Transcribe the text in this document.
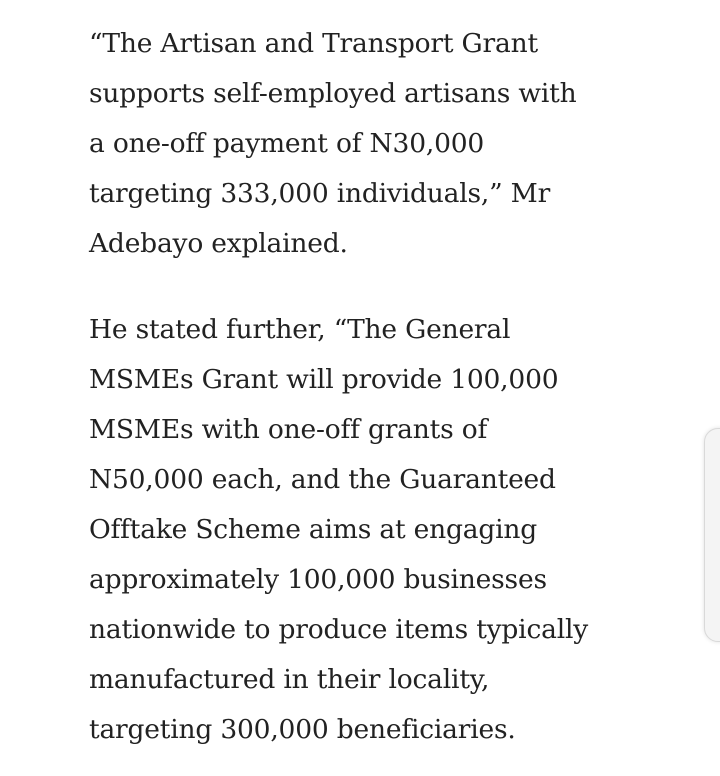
“The Artisan and Transport Grant
supports self-employed artisans with
a one-off payment of N30,000
targeting 333,000 individuals,” Mr
Adebayo explained.

He stated further, “The General
MSMEs Grant will provide 100,000
MSMEs with one-off grants of
N50,000 each, and the Guaranteed
Offtake Scheme aims at engaging
approximately 100,000 businesses
nationwide to produce items typically
manufactured in their locality,
targeting 300,000 beneficiaries.
